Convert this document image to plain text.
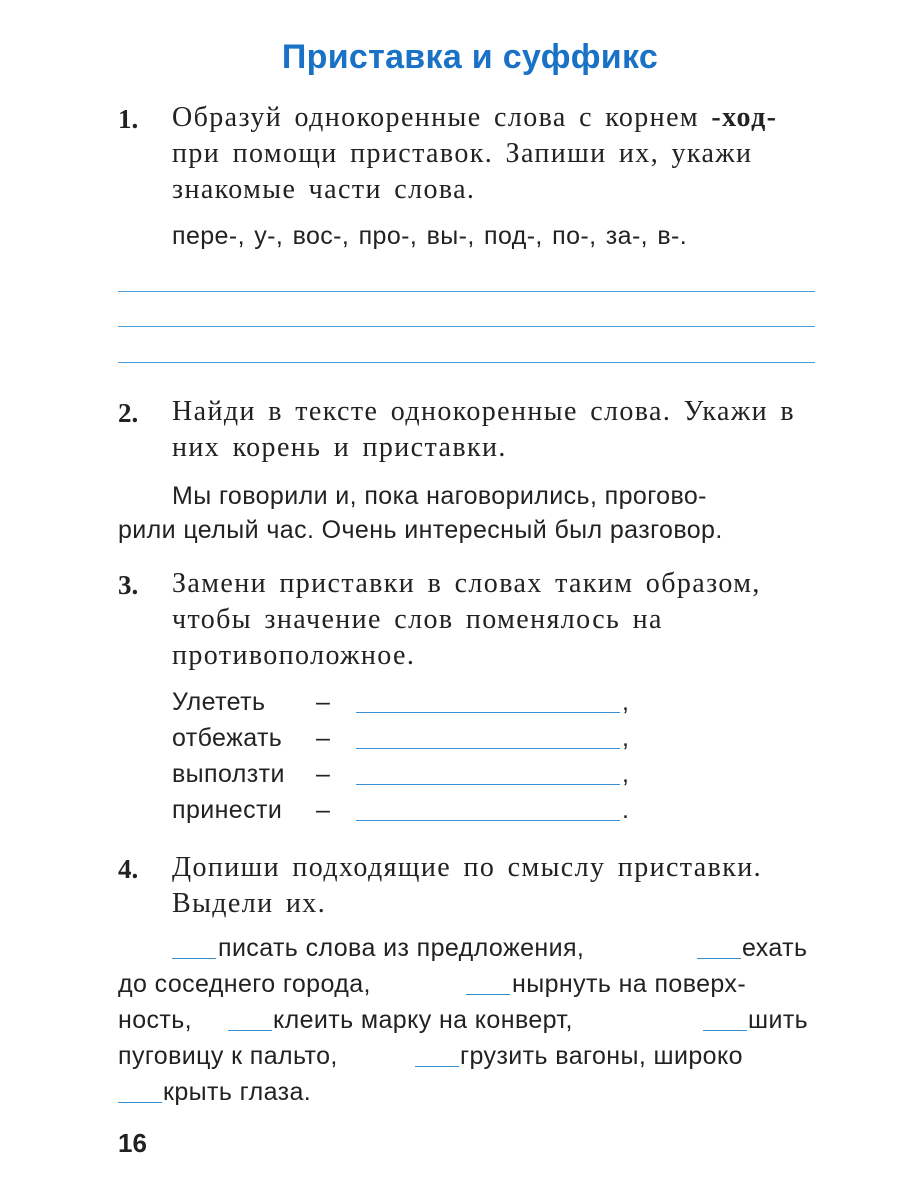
Приставка и суффикс
1. Образуй однокоренные слова с корнем -ход- при помощи приставок. Запиши их, укажи знакомые части слова.
пере-, у-, вос-, про-, вы-, под-, по-, за-, в-.
2. Найди в тексте однокоренные слова. Укажи в них корень и приставки.
Мы говорили и, пока наговорились, прогово-
рили целый час. Очень интересный был разговор.
3. Замени приставки в словах таким образом, чтобы значение слов поменялось на противоположное.
Улететь –	,
отбежать –	,
выползти –	,
принести –	.
4. Допиши подходящие по смыслу приставки. Выдели их.
писать слова из предложения,	ехать
до соседнего города,	нырнуть на поверх-
ность,	клеить марку на конверт,	шить
пуговицу к пальто,	грузить вагоны, широко
крыть глаза.
16
